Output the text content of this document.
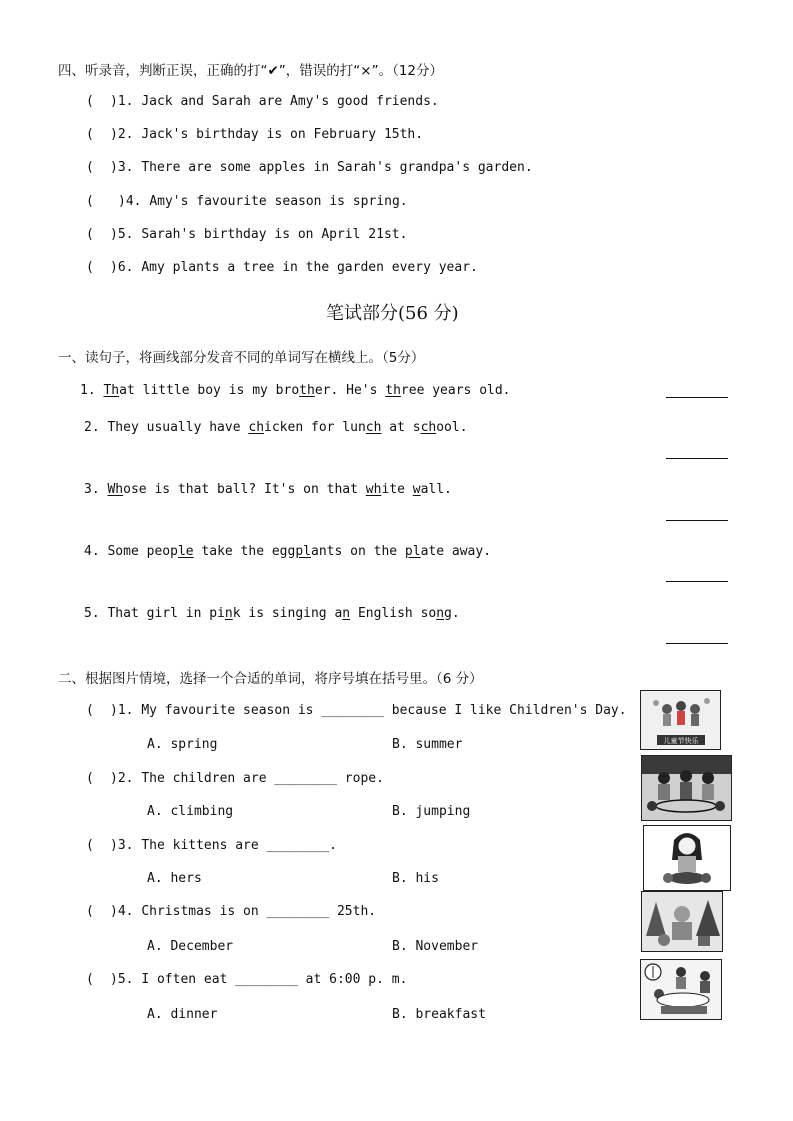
四、听录音，判断正误，正确的打“✔”，错误的打“×”。（12分）
( )1. Jack and Sarah are Amy's good friends.
( )2. Jack's birthday is on February 15th.
( )3. There are some apples in Sarah's grandpa's garden.
( )4. Amy's favourite season is spring.
( )5. Sarah's birthday is on April 21st.
( )6. Amy plants a tree in the garden every year.
笔试部分(56 分)
一、读句子，将画线部分发音不同的单词写在横线上。（5分）
1. That little boy is my brother. He's three years old.
2. They usually have chicken for lunch at school.
3. Whose is that ball? It's on that white wall.
4. Some people take the eggplants on the plate away.
5. That girl in pink is singing an English song.
二、根据图片情境，选择一个合适的单词，将序号填在括号里。（6 分）
( )1. My favourite season is ________ because I like Children's Day.
A. spring	B. summer	儿童节快乐
( )2. The children are ________ rope.
A. climbing	B. jumping
( )3. The kittens are ________.
A. hers	B. his
( )4. Christmas is on ________ 25th.
A. December	B. November
( )5. I often eat ________ at 6:00 p. m.
A. dinner	B. breakfast
